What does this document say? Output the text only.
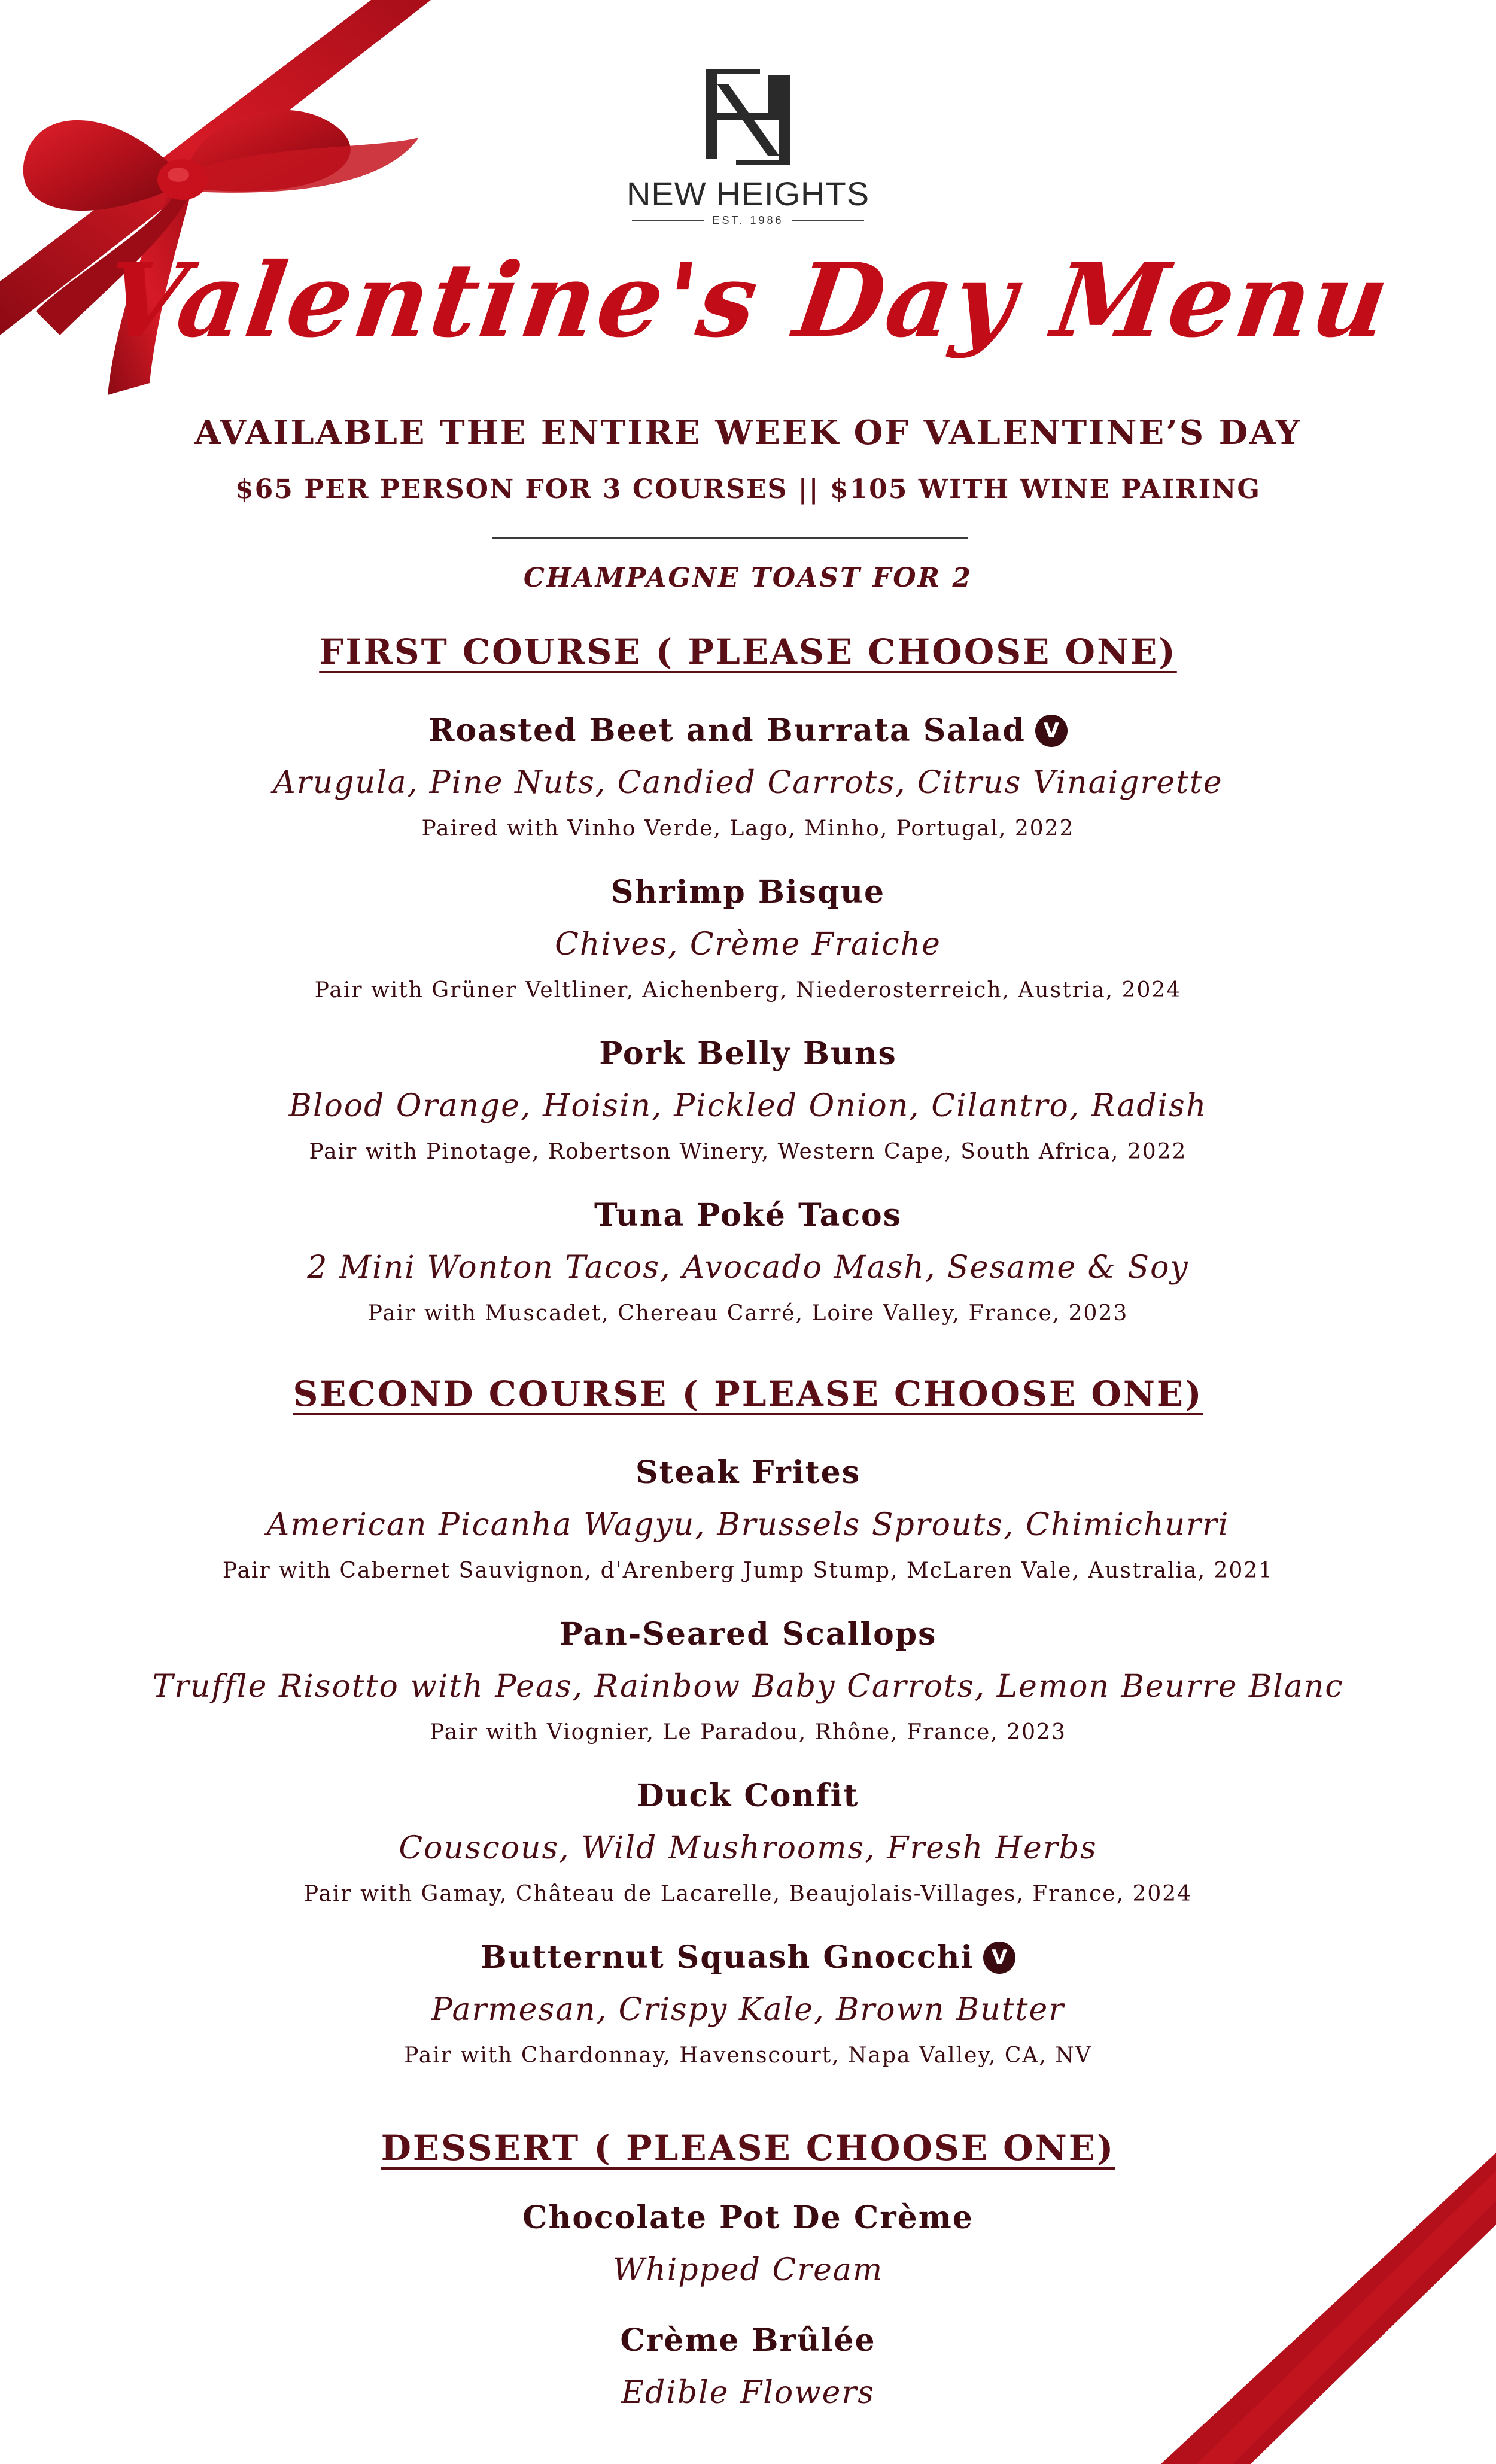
NEW HEIGHTS
EST. 1986
Valentine's Day Menu
AVAILABLE THE ENTIRE WEEK OF VALENTINE’S DAY
$65 PER PERSON FOR 3 COURSES || $105 WITH WINE PAIRING
CHAMPAGNE TOAST FOR 2
FIRST COURSE ( PLEASE CHOOSE ONE)
Roasted Beet and Burrata Salad V
Arugula, Pine Nuts, Candied Carrots, Citrus Vinaigrette
Paired with Vinho Verde, Lago, Minho, Portugal, 2022
Shrimp Bisque
Chives, Crème Fraiche
Pair with Grüner Veltliner, Aichenberg, Niederosterreich, Austria, 2024
Pork Belly Buns
Blood Orange, Hoisin, Pickled Onion, Cilantro, Radish
Pair with Pinotage, Robertson Winery, Western Cape, South Africa, 2022
Tuna Poké Tacos
2 Mini Wonton Tacos, Avocado Mash, Sesame & Soy
Pair with Muscadet, Chereau Carré, Loire Valley, France, 2023
SECOND COURSE ( PLEASE CHOOSE ONE)
Steak Frites
American Picanha Wagyu, Brussels Sprouts, Chimichurri
Pair with Cabernet Sauvignon, d'Arenberg Jump Stump, McLaren Vale, Australia, 2021
Pan-Seared Scallops
Truffle Risotto with Peas, Rainbow Baby Carrots, Lemon Beurre Blanc
Pair with Viognier, Le Paradou, Rhône, France, 2023
Duck Confit
Couscous, Wild Mushrooms, Fresh Herbs
Pair with Gamay, Château de Lacarelle, Beaujolais-Villages, France, 2024
Butternut Squash Gnocchi V
Parmesan, Crispy Kale, Brown Butter
Pair with Chardonnay, Havenscourt, Napa Valley, CA, NV
DESSERT ( PLEASE CHOOSE ONE)
Chocolate Pot De Crème
Whipped Cream
Crème Brûlée
Edible Flowers
